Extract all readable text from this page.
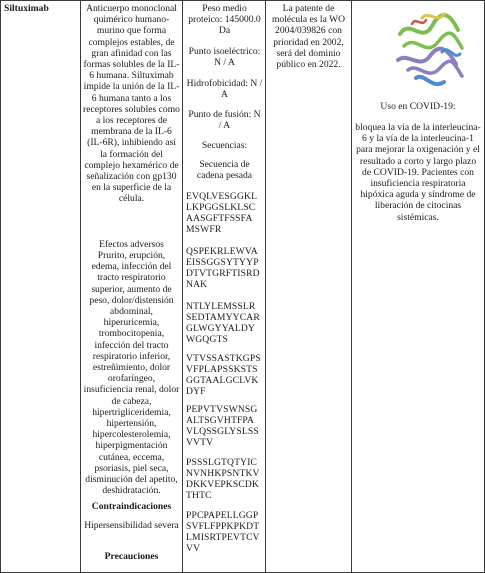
Siltuximab	Anticuerpo monoclonal quimérico humano-murino que forma complejos estables, de gran afinidad con las formas solubles de la IL-6 humana. Siltuximab impide la unión de la IL-6 humana tanto a los receptores solubles como a los receptores de membrana de la IL-6 (IL-6R), inhibiendo así la formación del complejo hexamérico de señalización con gp130 en la superficie de la célula.

Efectos adversos

Prurito, erupción, edema, infección del tracto respiratorio superior, aumento de peso, dolor/distensión abdominal, hiperuricemia, trombocitopenia, infección del tracto respiratorio inferior, estreñimiento, dolor orofaríngeo, insuficiencia renal, dolor de cabeza, hipertrigliceridemia, hipertensión, hipercolesterolemia, hiperpigmentación cutánea, eccema, psoriasis, piel seca, disminución del apetito, deshidratación.

Contraindicaciones

Hipersensibilidad severa

Precauciones

Peso medio proteico: 145000.0 Da

Punto isoeléctrico: N / A

Hidrofobicidad: N / A

Punto de fusión: N / A

Secuencias:

Secuencia de cadena pesada

EVQLVESGGKL

LKPGGSLKLSC

AASGFTFSSFA

MSWFR

QSPEKRLEWVA

EISSGGSYTYYP

DTVTGRFTISRD

NAK

NTLYLEMSSLR

SEDTAMYYCAR

GLWGYYALDY

WGQGTS

VTVSSASTKGPS

VFPLAPSSKSTS

GGTAALGCLVK

DYF

PEPVTVSWNSG

ALTSGVHTFPA

VLQSSGLYSLSS

VVTV

PSSSLGTQTYIC

NVNHKPSNTKV

DKKVEPKSCDK

THTC

PPCPAPELLGGP

SVFLFPPKPKDT

LMISRTPEVTCV

VV

La patente de molécula es la WO 2004/039826 con prioridad en 2002, será del dominio público en 2022.

Uso en COVID-19:

bloquea la vía de la interleucina-6 y la vía de la interleucina-1 para mejorar la oxigenación y el resultado a corto y largo plazo de COVID-19. Pacientes con insuficiencia respiratoria hipóxica aguda y síndrome de liberación de citocinas sistémicas.
